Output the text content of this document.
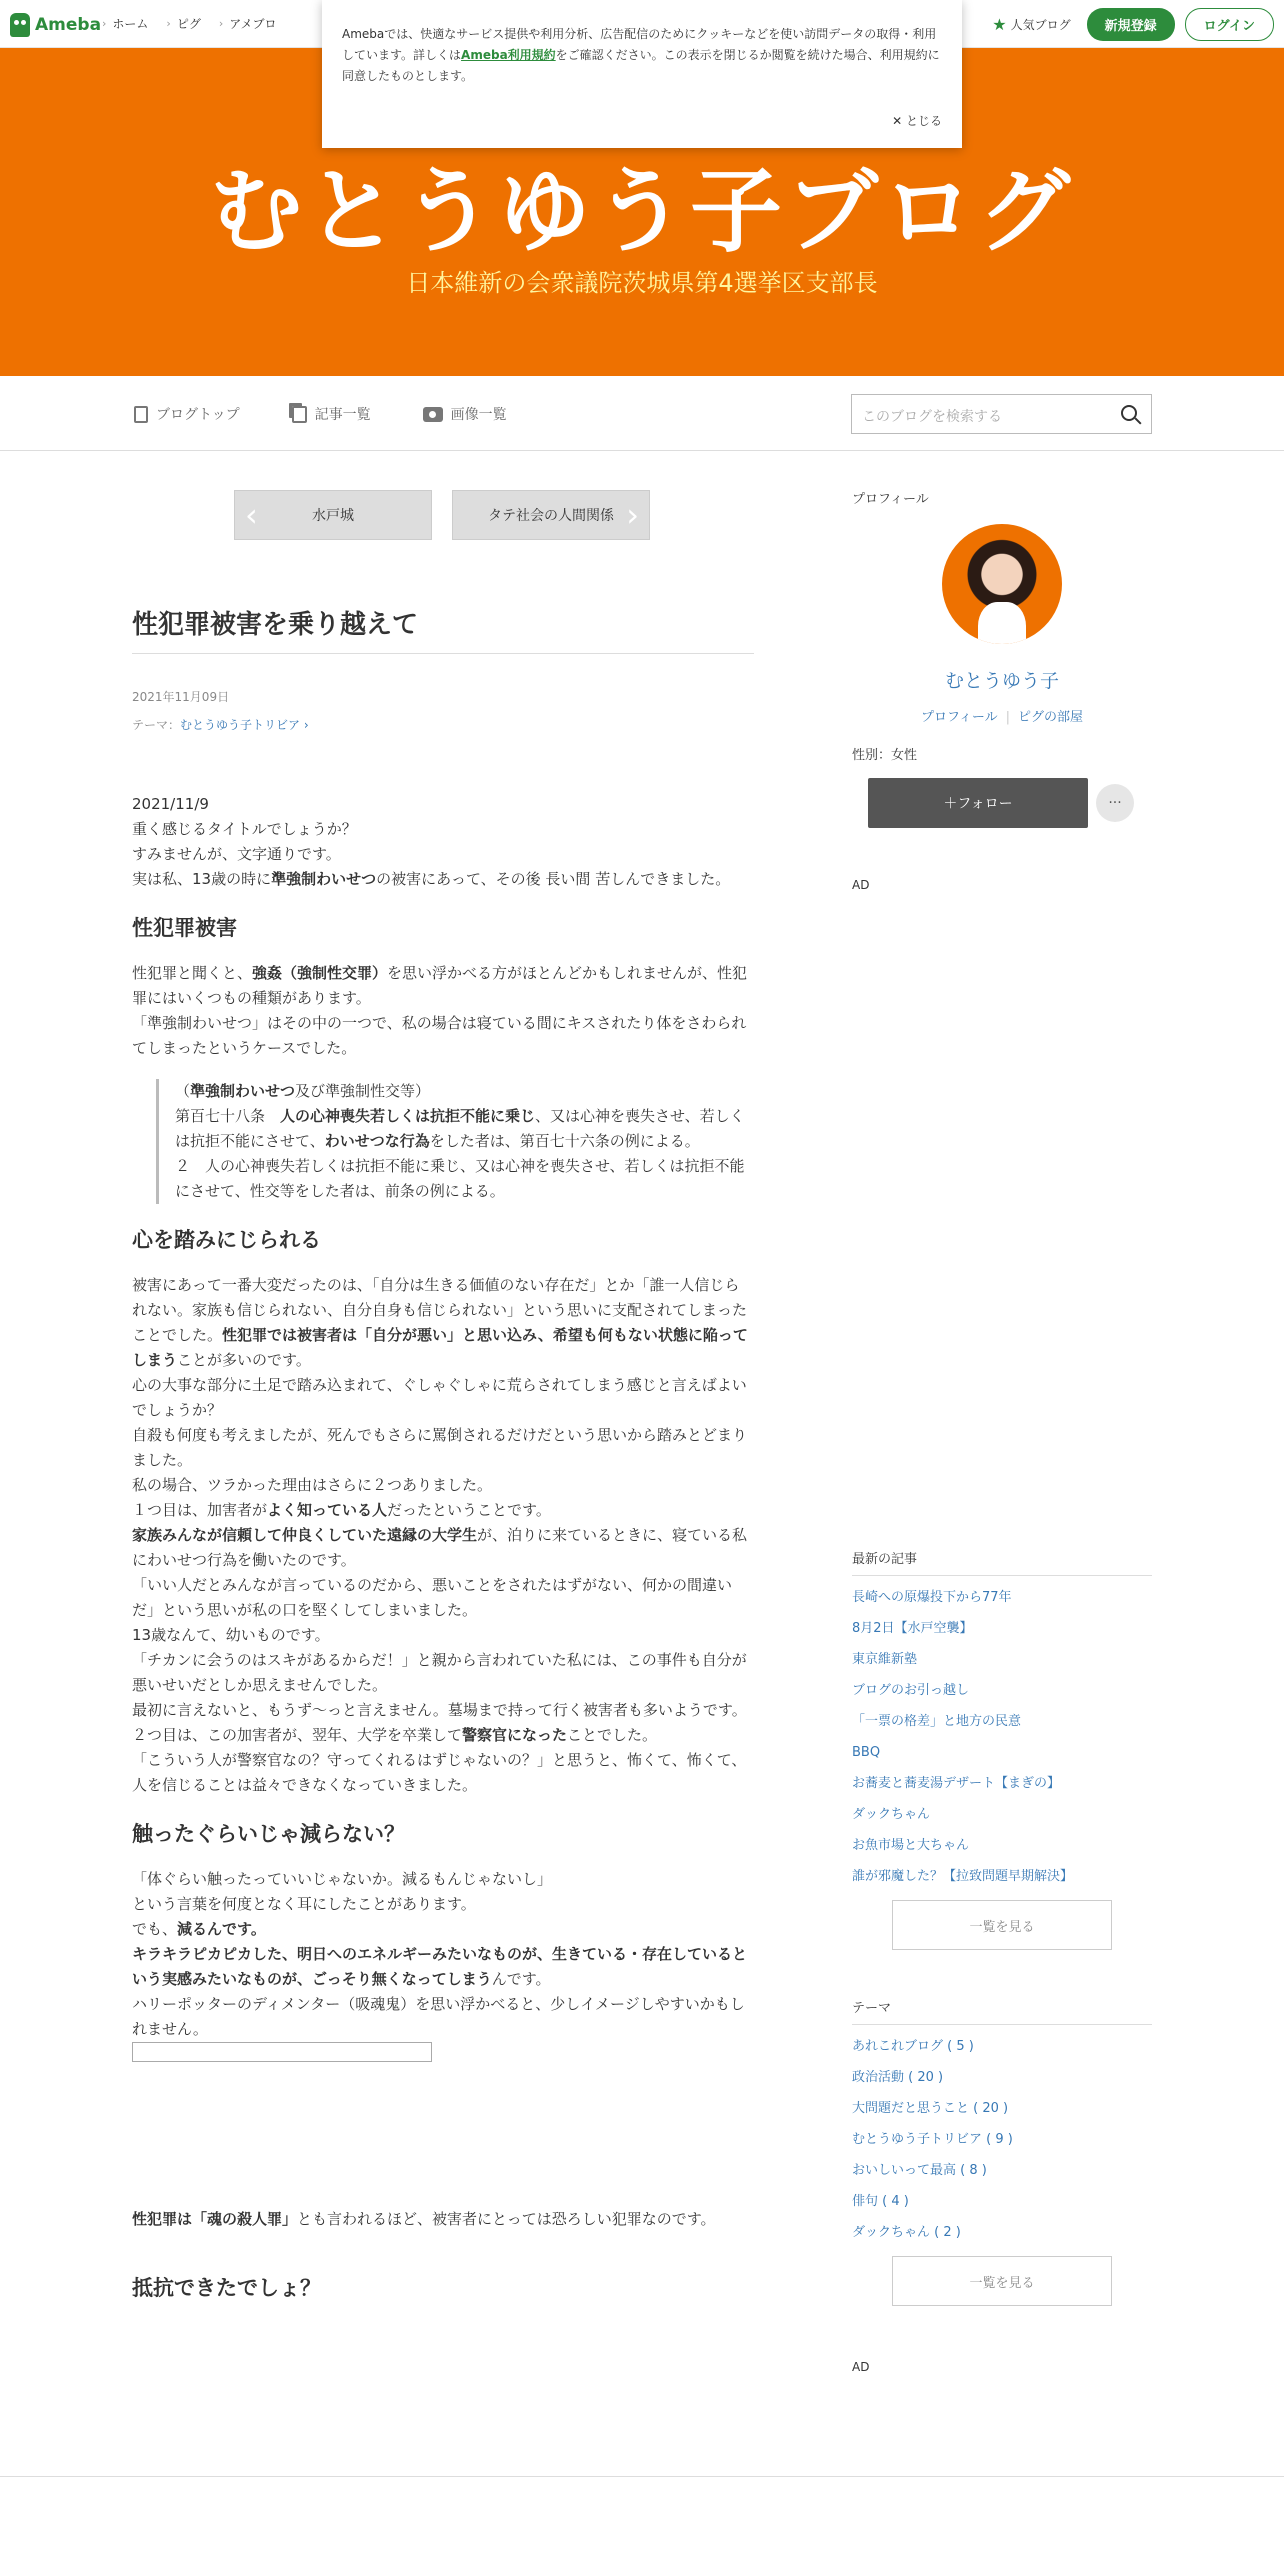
Ameba › ホーム › ピグ › アメブロ	★ 人気ブログ	新規登録	ログイン
むとうゆう子ブログ
日本維新の会衆議院茨城県第4選挙区支部長
Amebaでは、快適なサービス提供や利用分析、広告配信のためにクッキーなどを使い訪問データの取得・利用しています。詳しくはAmeba利用規約をご確認ください。この表示を閉じるか閲覧を続けた場合、利用規約に同意したものとします。
✕ とじる
ブログトップ	記事一覧	画像一覧	このブログを検索する
‹ 水戸城	タテ社会の人間関係 ›
性犯罪被害を乗り越えて
2021年11月09日
テーマ：むとうゆう子トリビア ›

2021/11/9

重く感じるタイトルでしょうか？

すみませんが、文字通りです。

実は私、13歳の時に準強制わいせつの被害にあって、その後 長い間 苦しんできました。

性犯罪被害

性犯罪と聞くと、強姦（強制性交罪）を思い浮かべる方がほとんどかもしれませんが、性犯罪にはいくつもの種類があります。

「準強制わいせつ」はその中の一つで、私の場合は寝ている間にキスされたり体をさわられてしまったというケースでした。

（準強制わいせつ及び準強制性交等）

第百七十八条　人の心神喪失若しくは抗拒不能に乗じ、又は心神を喪失させ、若しくは抗拒不能にさせて、わいせつな行為をした者は、第百七十六条の例による。

２　人の心神喪失若しくは抗拒不能に乗じ、又は心神を喪失させ、若しくは抗拒不能にさせて、性交等をした者は、前条の例による。

心を踏みにじられる

被害にあって一番大変だったのは、「自分は生きる価値のない存在だ」とか「誰一人信じられない。家族も信じられない、自分自身も信じられない」という思いに支配されてしまったことでした。性犯罪では被害者は「自分が悪い」と思い込み、希望も何もない状態に陥ってしまうことが多いのです。

心の大事な部分に土足で踏み込まれて、ぐしゃぐしゃに荒らされてしまう感じと言えばよいでしょうか？

自殺も何度も考えましたが、死んでもさらに罵倒されるだけだという思いから踏みとどまりました。

私の場合、ツラかった理由はさらに２つありました。

１つ目は、加害者がよく知っている人だったということです。

家族みんなが信頼して仲良くしていた遠縁の大学生が、泊りに来ているときに、寝ている私にわいせつ行為を働いたのです。

「いい人だとみんなが言っているのだから、悪いことをされたはずがない、何かの間違いだ」という思いが私の口を堅くしてしまいました。

13歳なんて、幼いものです。

「チカンに会うのはスキがあるからだ！」と親から言われていた私には、この事件も自分が悪いせいだとしか思えませんでした。

最初に言えないと、もうず～っと言えません。墓場まで持って行く被害者も多いようです。

２つ目は、この加害者が、翌年、大学を卒業して警察官になったことでした。

「こういう人が警察官なの？守ってくれるはずじゃないの？」と思うと、怖くて、怖くて、人を信じることは益々できなくなっていきました。

触ったぐらいじゃ減らない？

「体ぐらい触ったっていいじゃないか。減るもんじゃないし」

という言葉を何度となく耳にしたことがあります。

でも、減るんです。

キラキラピカピカした、明日へのエネルギーみたいなものが、生きている・存在しているという実感みたいなものが、ごっそり無くなってしまうんです。

ハリーポッターのディメンター（吸魂鬼）を思い浮かべると、少しイメージしやすいかもしれません。

性犯罪は「魂の殺人罪」とも言われるほど、被害者にとっては恐ろしい犯罪なのです。

抵抗できたでしょ？
プロフィール
むとうゆう子
プロフィール | ピグの部屋
性別：女性
＋フォロー	···
AD
最新の記事
長崎への原爆投下から77年
8月2日【水戸空襲】
東京維新塾
ブログのお引っ越し
「一票の格差」と地方の民意
BBQ
お蕎麦と蕎麦湯デザート【まぎの】
ダックちゃん
お魚市場と大ちゃん
誰が邪魔した？【拉致問題早期解決】
一覧を見る
テーマ
あれこれブログ ( 5 )
政治活動 ( 20 )
大問題だと思うこと ( 20 )
むとうゆう子トリビア ( 9 )
おいしいって最高 ( 8 )
俳句 ( 4 )
ダックちゃん ( 2 )
一覧を見る
AD
